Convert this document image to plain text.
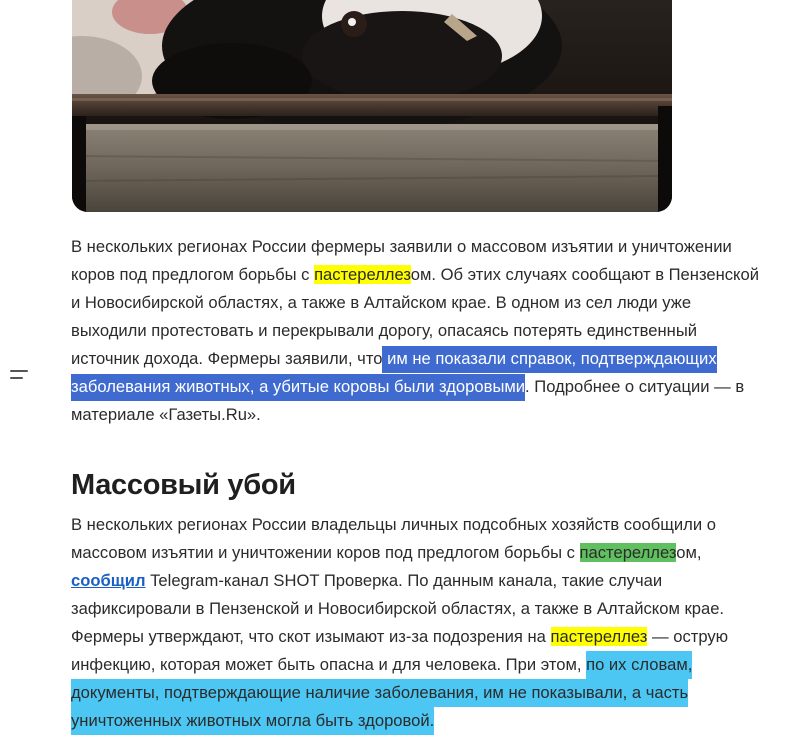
В нескольких регионах России фермеры заявили о массовом изъятии и уничтожении коров под предлогом борьбы с пастереллезом. Об этих случаях сообщают в Пензенской и Новосибирской областях, а также в Алтайском крае. В одном из сел люди уже выходили протестовать и перекрывали дорогу, опасаясь потерять единственный источник дохода. Фермеры заявили, что им не показали справок, подтверждающих заболевания животных, а убитые коровы были здоровыми. Подробнее о ситуации — в материале «Газеты.Ru».

Массовый убой

В нескольких регионах России владельцы личных подсобных хозяйств сообщили о массовом изъятии и уничтожении коров под предлогом борьбы с пастереллезом, сообщил Telegram-канал SHOT Проверка. По данным канала, такие случаи зафиксировали в Пензенской и Новосибирской областях, а также в Алтайском крае. Фермеры утверждают, что скот изымают из-за подозрения на пастереллез — острую инфекцию, которая может быть опасна и для человека. При этом, по их словам, документы, подтверждающие наличие заболевания, им не показывали, а часть уничтоженных животных могла быть здоровой.
